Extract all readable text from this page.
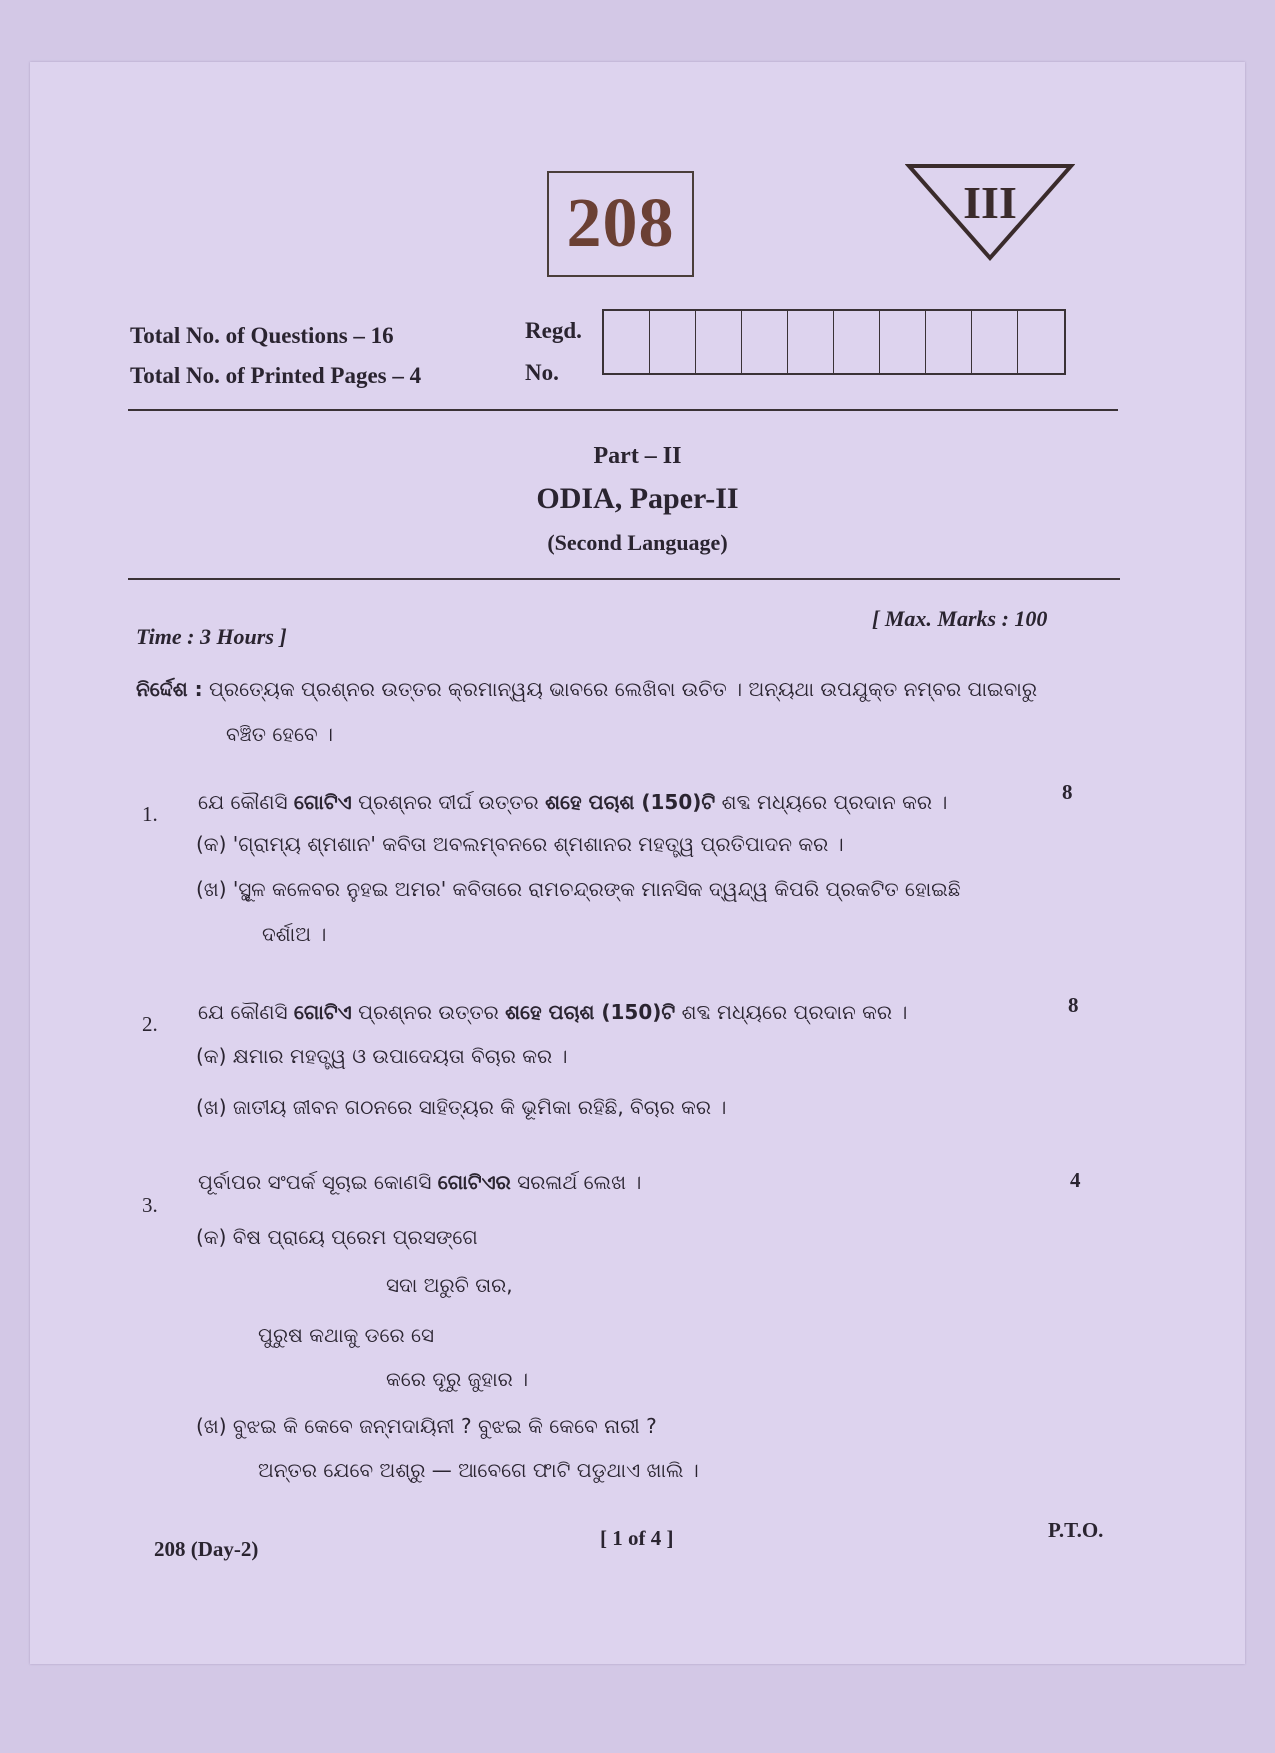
208	III
Total No. of Questions – 16
Total No. of Printed Pages – 4
Regd.
No.
Part – II
ODIA, Paper-II
(Second Language)
Time : 3 Hours ]
[ Max. Marks : 100
ନିର୍ଦ୍ଦେଶ : ପ୍ରତ୍ୟେକ ପ୍ରଶ୍ନର ଉତ୍ତର କ୍ରମାନ୍ୱୟ ଭାବରେ ଲେଖିବା ଉଚିତ । ଅନ୍ୟଥା ଉପଯୁକ୍ତ ନମ୍ବର ପାଇବାରୁ
ବଞ୍ଚିତ ହେବେ ।
1. ଯେ କୌଣସି ଗୋଟିଏ ପ୍ରଶ୍ନର ଦୀର୍ଘ ଉତ୍ତର ଶହେ ପଚାଶ (150)ଟି ଶବ୍ଦ ମଧ୍ୟରେ ପ୍ରଦାନ କର ।	8
(କ) 'ଗ୍ରାମ୍ୟ ଶ୍ମଶାନ' କବିତା ଅବଲମ୍ବନରେ ଶ୍ମଶାନର ମହତ୍ତ୍ୱ ପ୍ରତିପାଦନ କର ।
(ଖ) 'ସ୍ଥୂଳ କଳେବର ନୁହଇ ଅମର' କବିତାରେ ରାମଚନ୍ଦ୍ରଙ୍କ ମାନସିକ ଦ୍ୱନ୍ଦ୍ୱ କିପରି ପ୍ରକଟିତ ହୋଇଛି
ଦର୍ଶାଅ ।
2. ଯେ କୌଣସି ଗୋଟିଏ ପ୍ରଶ୍ନର ଉତ୍ତର ଶହେ ପଚାଶ (150)ଟି ଶବ୍ଦ ମଧ୍ୟରେ ପ୍ରଦାନ କର ।	8
(କ) କ୍ଷମାର ମହତ୍ତ୍ୱ ଓ ଉପାଦେୟତା ବିଚାର କର ।
(ଖ) ଜାତୀୟ ଜୀବନ ଗଠନରେ ସାହିତ୍ୟର କି ଭୂମିକା ରହିଛି, ବିଚାର କର ।
3.
ପୂର୍ବାପର ସଂପର୍କ ସୂଚାଇ କୋଣସି ଗୋଟିଏର ସରଳାର୍ଥ ଲେଖ ।	4
(କ) ବିଷ ପ୍ରାୟେ ପ୍ରେମ ପ୍ରସଙ୍ଗେ
ସଦା ଅରୁଚି ତାର,
ପୁରୁଷ କଥାକୁ ଡରେ ସେ
କରେ ଦୂରୁ ଜୁହାର ।
(ଖ) ବୁଝଇ କି କେବେ ଜନ୍ମଦାୟିନୀ ? ବୁଝଇ କି କେବେ ନାରୀ ?
ଅନ୍ତର ଯେବେ ଅଶ୍ରୁ — ଆବେଗେ ଫାଟି ପଡୁଥାଏ ଖାଲି ।
208 (Day-2)	[ 1 of 4 ]	P.T.O.
